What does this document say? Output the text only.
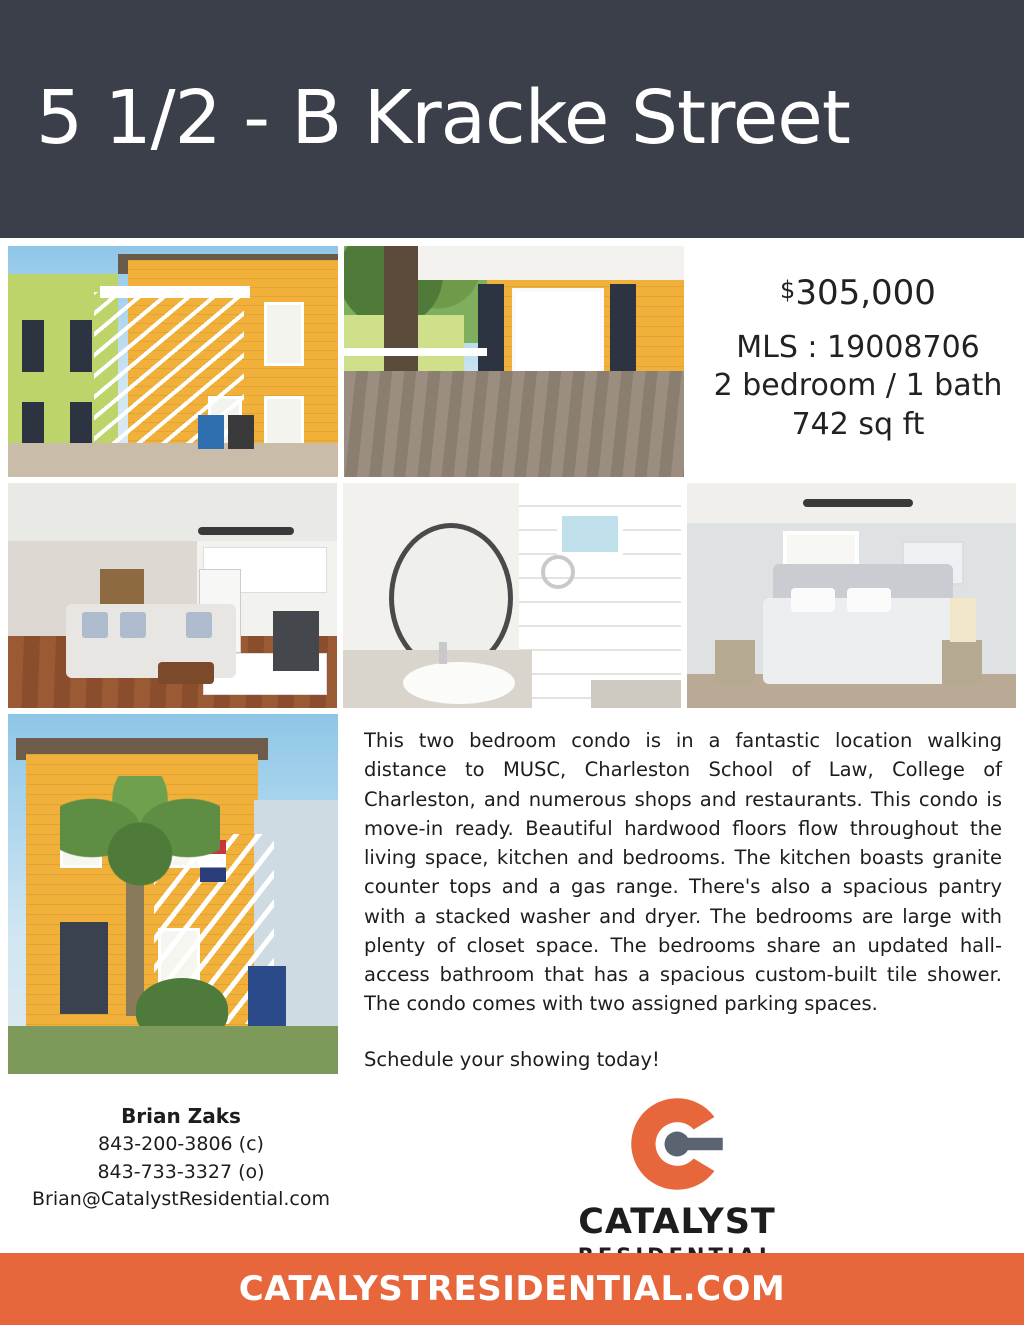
5 1/2 - B Kracke Street
$305,000
MLS : 19008706
2 bedroom / 1 bath
742 sq ft

This two bedroom condo is in a fantastic location walking distance to MUSC, Charleston School of Law, College of Charleston, and numerous shops and restaurants. This condo is move-in ready. Beautiful hardwood floors flow throughout the living space, kitchen and bedrooms. The kitchen boasts granite counter tops and a gas range. There's also a spacious pantry with a stacked washer and dryer. The bedrooms are large with plenty of closet space. The bedrooms share an updated hall-access bathroom that has a spacious custom-built tile shower. The condo comes with two assigned parking spaces.

Schedule your showing today!

Brian Zaks
843-200-3806 (c)
843-733-3327 (o)
Brian@CatalystResidential.com
CATALYST
CATALYSTRESIDENTIAL.COM
